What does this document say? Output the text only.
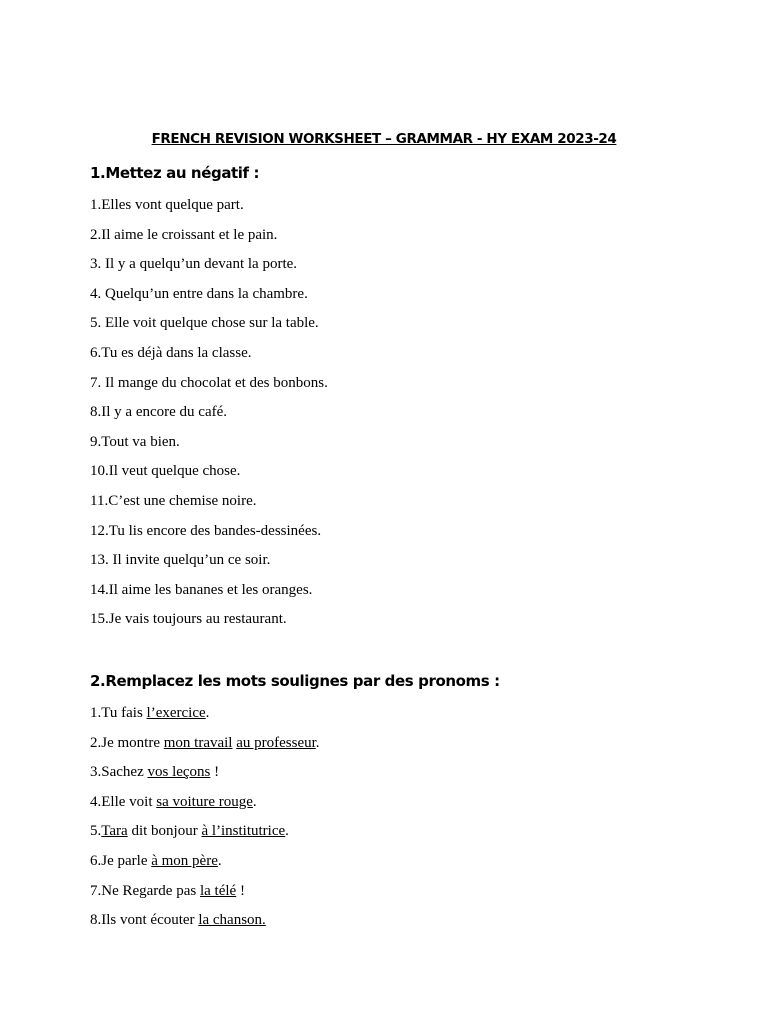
FRENCH REVISION WORKSHEET – GRAMMAR - HY EXAM 2023-24
1.Mettez au négatif :
1.Elles vont quelque part.
2.Il aime le croissant et le pain.
3. Il y a quelqu’un devant la porte.
4. Quelqu’un entre dans la chambre.
5. Elle voit quelque chose sur la table.
6.Tu es déjà dans la classe.
7. Il mange du chocolat et des bonbons.
8.Il y a encore du café.
9.Tout va bien.
10.Il veut quelque chose.
11.C’est une chemise noire.
12.Tu lis encore des bandes-dessinées.
13. Il invite quelqu’un ce soir.
14.Il aime les bananes et les oranges.
15.Je vais toujours au restaurant.
2.Remplacez les mots soulignes par des pronoms :
1.Tu fais l’exercice.
2.Je montre mon travail au professeur.
3.Sachez vos leçons !
4.Elle voit sa voiture rouge.
5.Tara dit bonjour à l’institutrice.
6.Je parle à mon père.
7.Ne Regarde pas la télé !
8.Ils vont écouter la chanson.
